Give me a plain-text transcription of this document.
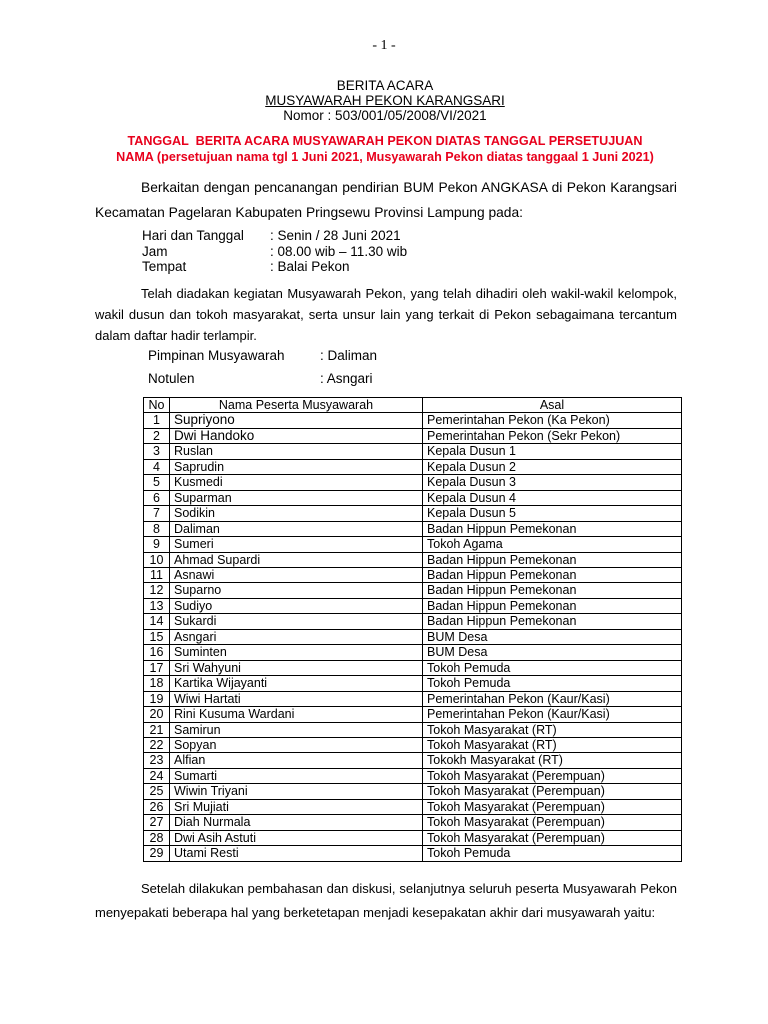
- 1 -
BERITA ACARA
MUSYAWARAH PEKON KARANGSARI
Nomor : 503/001/05/2008/VI/2021
TANGGAL  BERITA ACARA MUSYAWARAH PEKON DIATAS TANGGAL PERSETUJUAN
NAMA (persetujuan nama tgl 1 Juni 2021, Musyawarah Pekon diatas tanggaal 1 Juni 2021)
Berkaitan dengan pencanangan pendirian BUM Pekon ANGKASA di Pekon Karangsari Kecamatan Pagelaran Kabupaten Pringsewu Provinsi Lampung pada:
Hari dan Tanggal	: Senin / 28 Juni 2021
Jam	: 08.00 wib – 11.30 wib
Tempat	: Balai Pekon
Telah diadakan kegiatan Musyawarah Pekon, yang telah dihadiri oleh wakil-wakil kelompok, wakil dusun dan tokoh masyarakat, serta unsur lain yang terkait di Pekon sebagaimana tercantum dalam daftar hadir terlampir.
Pimpinan Musyawarah	: Daliman
Notulen	: Asngari
No	Nama Peserta Musyawarah	Asal
1	Supriyono	Pemerintahan Pekon (Ka Pekon)
2	Dwi Handoko	Pemerintahan Pekon (Sekr Pekon)
3	Ruslan	Kepala Dusun 1
4	Saprudin	Kepala Dusun 2
5	Kusmedi	Kepala Dusun 3
6	Suparman	Kepala Dusun 4
7	Sodikin	Kepala Dusun 5
8	Daliman	Badan Hippun Pemekonan
9	Sumeri	Tokoh Agama
10	Ahmad Supardi	Badan Hippun Pemekonan
11	Asnawi	Badan Hippun Pemekonan
12	Suparno	Badan Hippun Pemekonan
13	Sudiyo	Badan Hippun Pemekonan
14	Sukardi	Badan Hippun Pemekonan
15	Asngari	BUM Desa
16	Suminten	BUM Desa
17	Sri Wahyuni	Tokoh Pemuda
18	Kartika Wijayanti	Tokoh Pemuda
19	Wiwi Hartati	Pemerintahan Pekon (Kaur/Kasi)
20	Rini Kusuma Wardani	Pemerintahan Pekon (Kaur/Kasi)
21	Samirun	Tokoh Masyarakat (RT)
22	Sopyan	Tokoh Masyarakat (RT)
23	Alfian	Tokokh Masyarakat (RT)
24	Sumarti	Tokoh Masyarakat (Perempuan)
25	Wiwin Triyani	Tokoh Masyarakat (Perempuan)
26	Sri Mujiati	Tokoh Masyarakat (Perempuan)
27	Diah Nurmala	Tokoh Masyarakat (Perempuan)
28	Dwi Asih Astuti	Tokoh Masyarakat (Perempuan)
29	Utami Resti	Tokoh Pemuda
Setelah dilakukan pembahasan dan diskusi, selanjutnya seluruh peserta Musyawarah Pekon menyepakati beberapa hal yang berketetapan menjadi kesepakatan akhir dari musyawarah yaitu:
